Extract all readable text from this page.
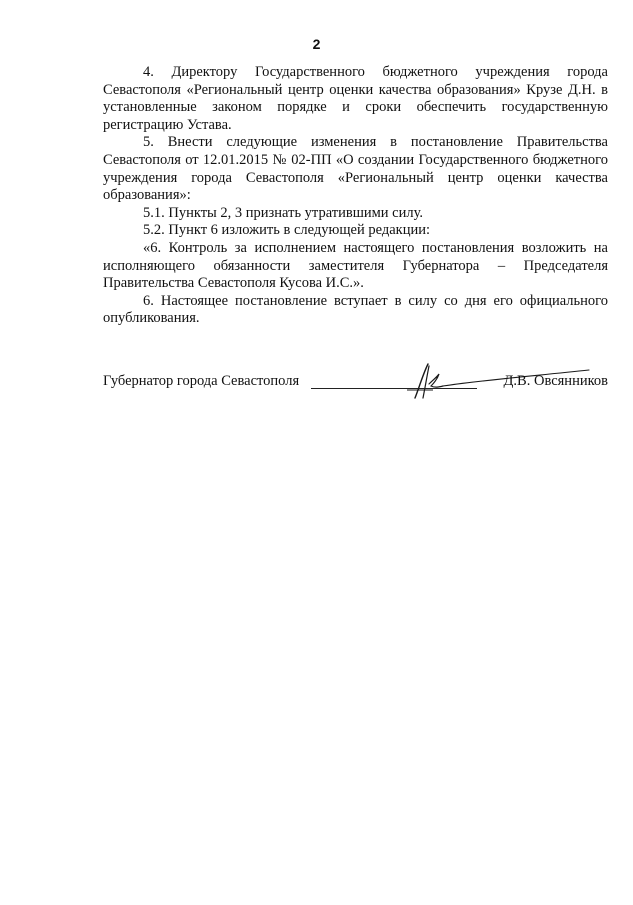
2

4. Директору Государственного бюджетного учреждения города Севастополя «Региональный центр оценки качества образования» Крузе Д.Н. в установленные законом порядке и сроки обеспечить государственную регистрацию Устава.

5. Внести следующие изменения в постановление Правительства Севастополя от 12.01.2015 № 02-ПП «О создании Государственного бюджетного учреждения города Севастополя «Региональный центр оценки качества образования»:

5.1. Пункты 2, 3 признать утратившими силу.

5.2. Пункт 6 изложить в следующей редакции:

«6. Контроль за исполнением настоящего постановления возложить на исполняющего обязанности заместителя Губернатора – Председателя Правительства Севастополя Кусова И.С.».

6. Настоящее постановление вступает в силу со дня его официального опубликования.

Губернатор города Севастополя	Д.В. Овсянников
